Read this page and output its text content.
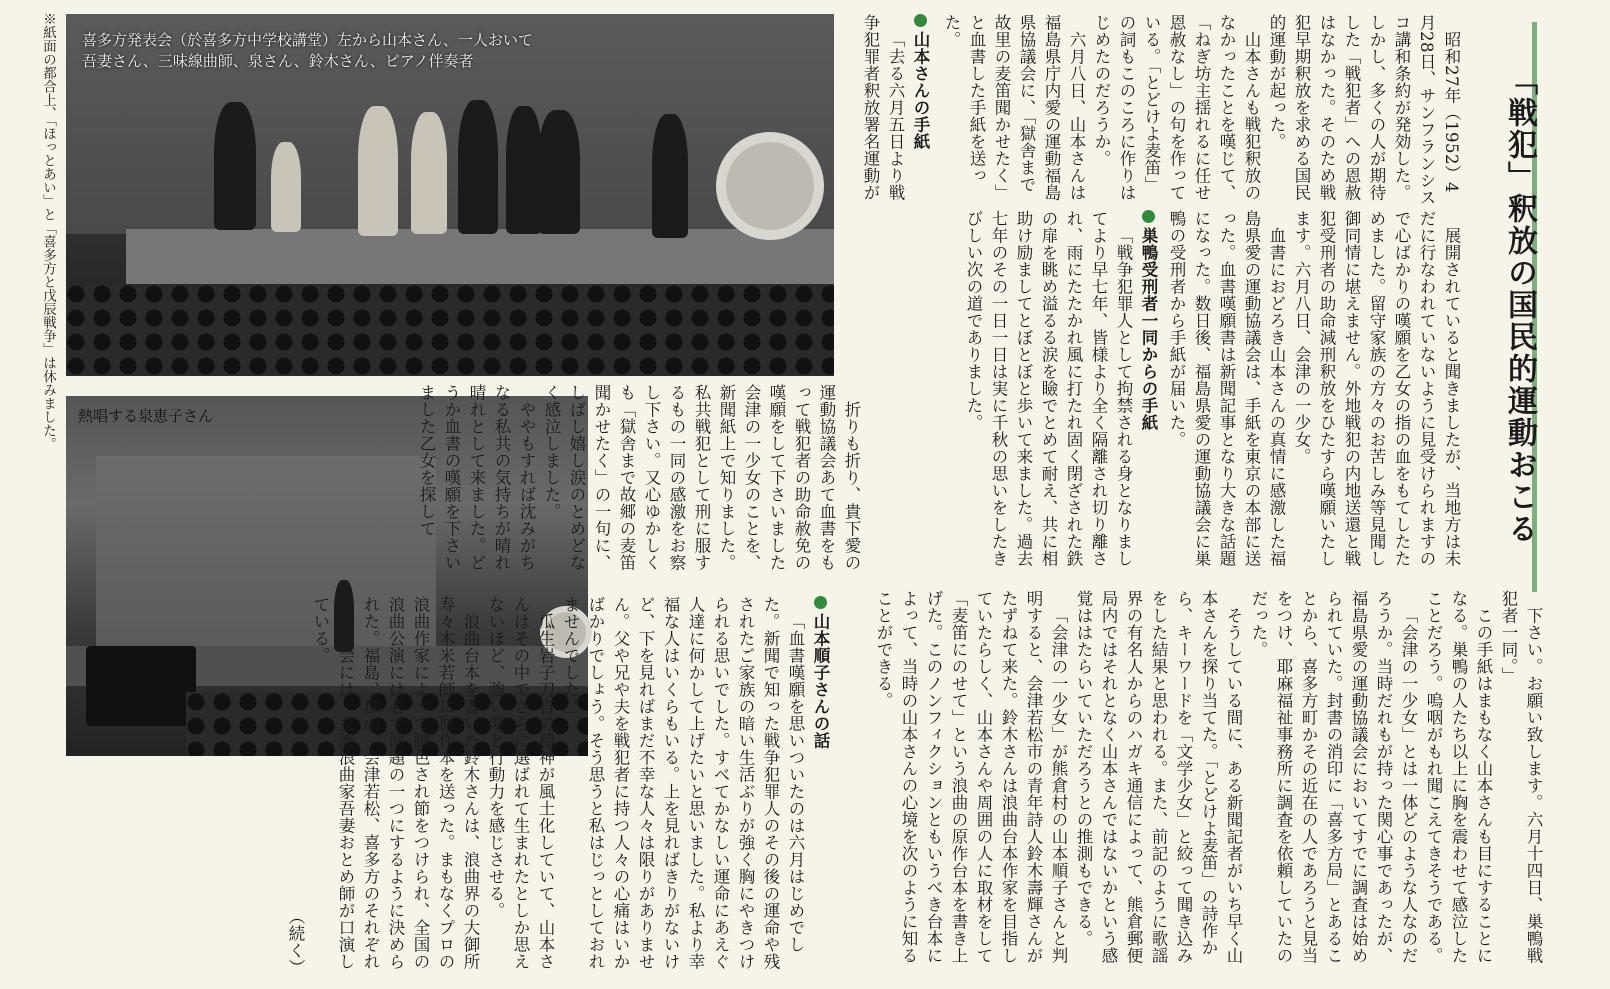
※紙面の都合上、「ほっとあい」と「喜多方と戊辰戦争」は休みました。 喜多方発表会（於喜多方中学校講堂）左から山本さん、一人おいて
吾妻さん、三味線曲師、泉さん、鈴木さん、ピアノ伴奏者
熱唱する泉恵子さん	「戦犯」釈放の国民的運動おこる

昭和27年（1952）4月28日、サンフランシスコ講和条約が発効した。しかし、多くの人が期待した「戦犯者」への恩赦はなかった。そのため戦犯早期釈放を求める国民的運動が起った。

山本さんも戦犯釈放のなかったことを嘆じて、「ねぎ坊主揺れるに任せ恩赦なし」の句を作っている。「とどけよ麦笛」の詞もこのころに作りはじめたのだろうか。

六月八日、山本さんは福島県庁内愛の運動福島県協議会に、「獄舎まで故里の麦笛聞かせたく」と血書した手紙を送った。

展開されていると聞きましたが、当地方は未だに行なわれていないように見受けられますので心ばかりの嘆願を乙女の指の血をもてしたためました。留守家族の方々のお苦しみ等見聞し御同情に堪えません。外地戦犯の内地送還と戦犯受刑者の助命減刑釈放をひたすら嘆願いたします。六月八日、会津の一少女。

血書におどろき山本さんの真情に感激した福島県愛の運動協議会は、手紙を東京の本部に送った。血書嘆願書は新聞記事となり大きな話題になった。数日後、福島県愛の運動協議会に巣鴨の受刑者から手紙が届いた。

巣鴨受刑者一同からの手紙

「戦争犯罪人として拘禁される身となりましてより早七年、皆様より全く隔離され切り離され、雨にたたかれ風に打たれ固く閉ざされた鉄の扉を眺め溢るる涙を瞼でとめて耐え、共に相助け励ましてとぼとぼと歩いて来ました。過去七年のその一日一日は実に千秋の思いをしたきびしい次の道でありました。

折りも折り、貴下愛の運動協議会あて血書をもって戦犯者の助命赦免の嘆願をして下さいました会津の一少女のことを、新聞紙上で知りました。私共戦犯として刑に服するもの一同の感激をお察し下さい。又心ゆかしくも「獄舎まで故郷の麦笛聞かせたく」の一句に、しばし嬉し涙のとめどなく感泣しました。

ややもすれば沈みがちなる私共の気持ちが晴れ晴れとして来ました。どうか血書の嘆願を下さいました乙女を探して

下さい。お願い致します。六月十四日、巣鴨戦犯者一同。」

この手紙はまもなく山本さんも目にすることになる。巣鴨の人たち以上に胸を震わせて感泣したことだろう。嗚咽がもれ聞こえてきそうである。

「会津の一少女」とは一体どのような人なのだろうか。当時だれもが持った関心事であったが、福島県愛の運動協議会においてすでに調査は始められていた。封書の消印に「喜多方局」とあることから、喜多方町かその近在の人であろうと見当をつけ、耶麻福祉事務所に調査を依頼していたのだった。

そうしている間に、ある新聞記者がいち早く山本さんを探り当てた。「とどけよ麦笛」の詩作から、キーワードを「文学少女」と絞って聞き込みをした結果と思われる。また、前記のように歌謡界の有名人からのハガキ通信によって、熊倉郵便局内ではそれとなく山本さんではないかという感覚ははたらいていただろうとの推測もできる。

「会津の一少女」が熊倉村の山本順子さんと判明すると、会津若松市の青年詩人鈴木壽輝さんがたずねて来た。鈴木さんは浪曲台本作家を目指していたらしく、山本さんや周囲の人に取材をして「麦笛にのせて」という浪曲の原作台本を書き上げた。このノンフィクションともいうべき台本によって、当時の山本さんの心境を次のように知ることができる。

山本順子さんの話

「血書嘆願を思いついたのは六月はじめでした。新聞で知った戦争犯罪人のその後の運命や残されたご家族の暗い生活ぶりが強く胸にやきつけられる思いでした。すべてかなしい運命にあえぐ人達に何かして上げたいと思いました。私より幸福な人はいくらもいる。上を見ればきりがないけど、下を見ればまだ不幸な人々は限りがありません。父や兄や夫を戦犯者に持つ人々の心痛はいかばかりでしょう。そう思うと私はじっとしておれませんでした。」

瓜生岩子刀自の精神が風土化していて、山本さんはその中でさらに選ばれて生まれたとしか思えないほど、強い愛と行動力を感じさせる。

浪曲台本を書いた鈴木さんは、浪曲界の大御所寿々木米若師に原作本を送った。まもなくプロの浪曲作家によって脚色され節をつけられ、全国の浪曲公演には必ず演題の一つにするように決められた。福島、郡山、会津若松、喜多方のそれぞれの発表会には、女流浪曲家吾妻おとめ師が口演している。

（続く）

山本さんの手紙

「去る六月五日より戦争犯罪者釈放署名運動が
